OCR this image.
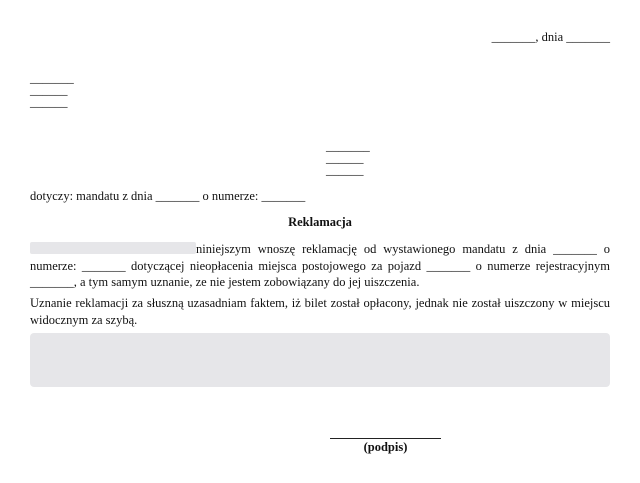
_______, dnia _______
_______
______
______
_______
______
______
dotyczy: mandatu z dnia _______ o numerze: _______
Reklamacja
niniejszym wnoszę reklamację od wystawionego mandatu z dnia _______ o numerze: _______ dotyczącej nieopłacenia miejsca postojowego za pojazd _______ o numerze rejestracyjnym _______, a tym samym uznanie, ze nie jestem zobowiązany do jej uiszczenia.
Uznanie reklamacji za słuszną uzasadniam faktem, iż bilet został opłacony, jednak nie został uiszczony w miejscu widocznym za szybą.
(podpis)
